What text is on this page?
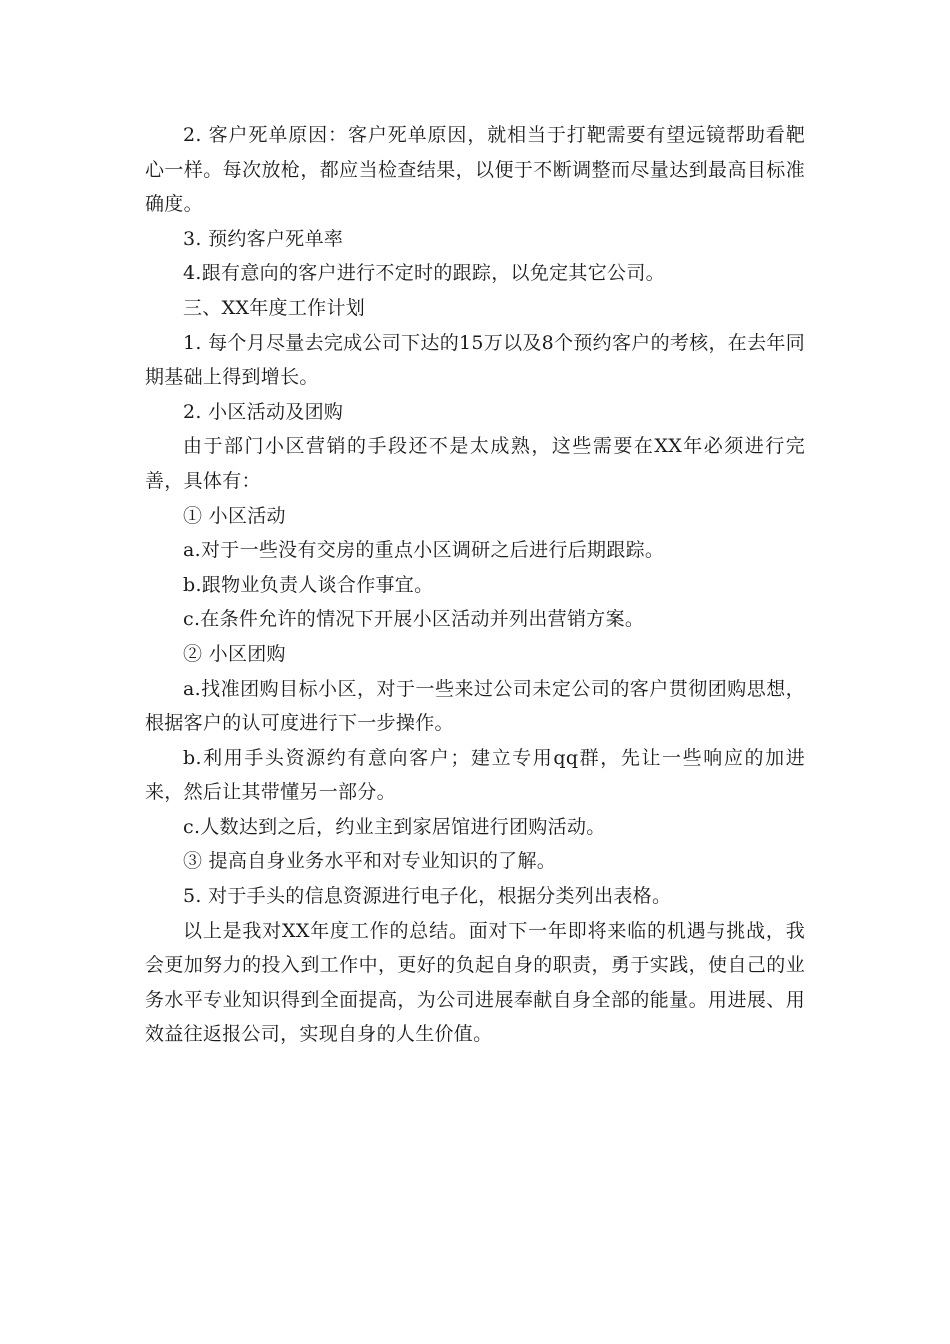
2. 客户死单原因：客户死单原因，就相当于打靶需要有望远镜帮助看靶心一样。每次放枪，都应当检查结果，以便于不断调整而尽量达到最高目标准确度。

3. 预约客户死单率

4.跟有意向的客户进行不定时的跟踪，以免定其它公司。

三、XX年度工作计划

1. 每个月尽量去完成公司下达的15万以及8个预约客户的考核，在去年同期基础上得到增长。

2. 小区活动及团购

由于部门小区营销的手段还不是太成熟，这些需要在XX年必须进行完善，具体有：

① 小区活动

a.对于一些没有交房的重点小区调研之后进行后期跟踪。

b.跟物业负责人谈合作事宜。

c.在条件允许的情况下开展小区活动并列出营销方案。

② 小区团购

a.找准团购目标小区，对于一些来过公司未定公司的客户贯彻团购思想，根据客户的认可度进行下一步操作。

b.利用手头资源约有意向客户；建立专用qq群，先让一些响应的加进来，然后让其带懂另一部分。

c.人数达到之后，约业主到家居馆进行团购活动。

③ 提高自身业务水平和对专业知识的了解。

5. 对于手头的信息资源进行电子化，根据分类列出表格。

以上是我对XX年度工作的总结。面对下一年即将来临的机遇与挑战，我会更加努力的投入到工作中，更好的负起自身的职责，勇于实践，使自己的业务水平专业知识得到全面提高，为公司进展奉献自身全部的能量。用进展、用效益往返报公司，实现自身的人生价值。
